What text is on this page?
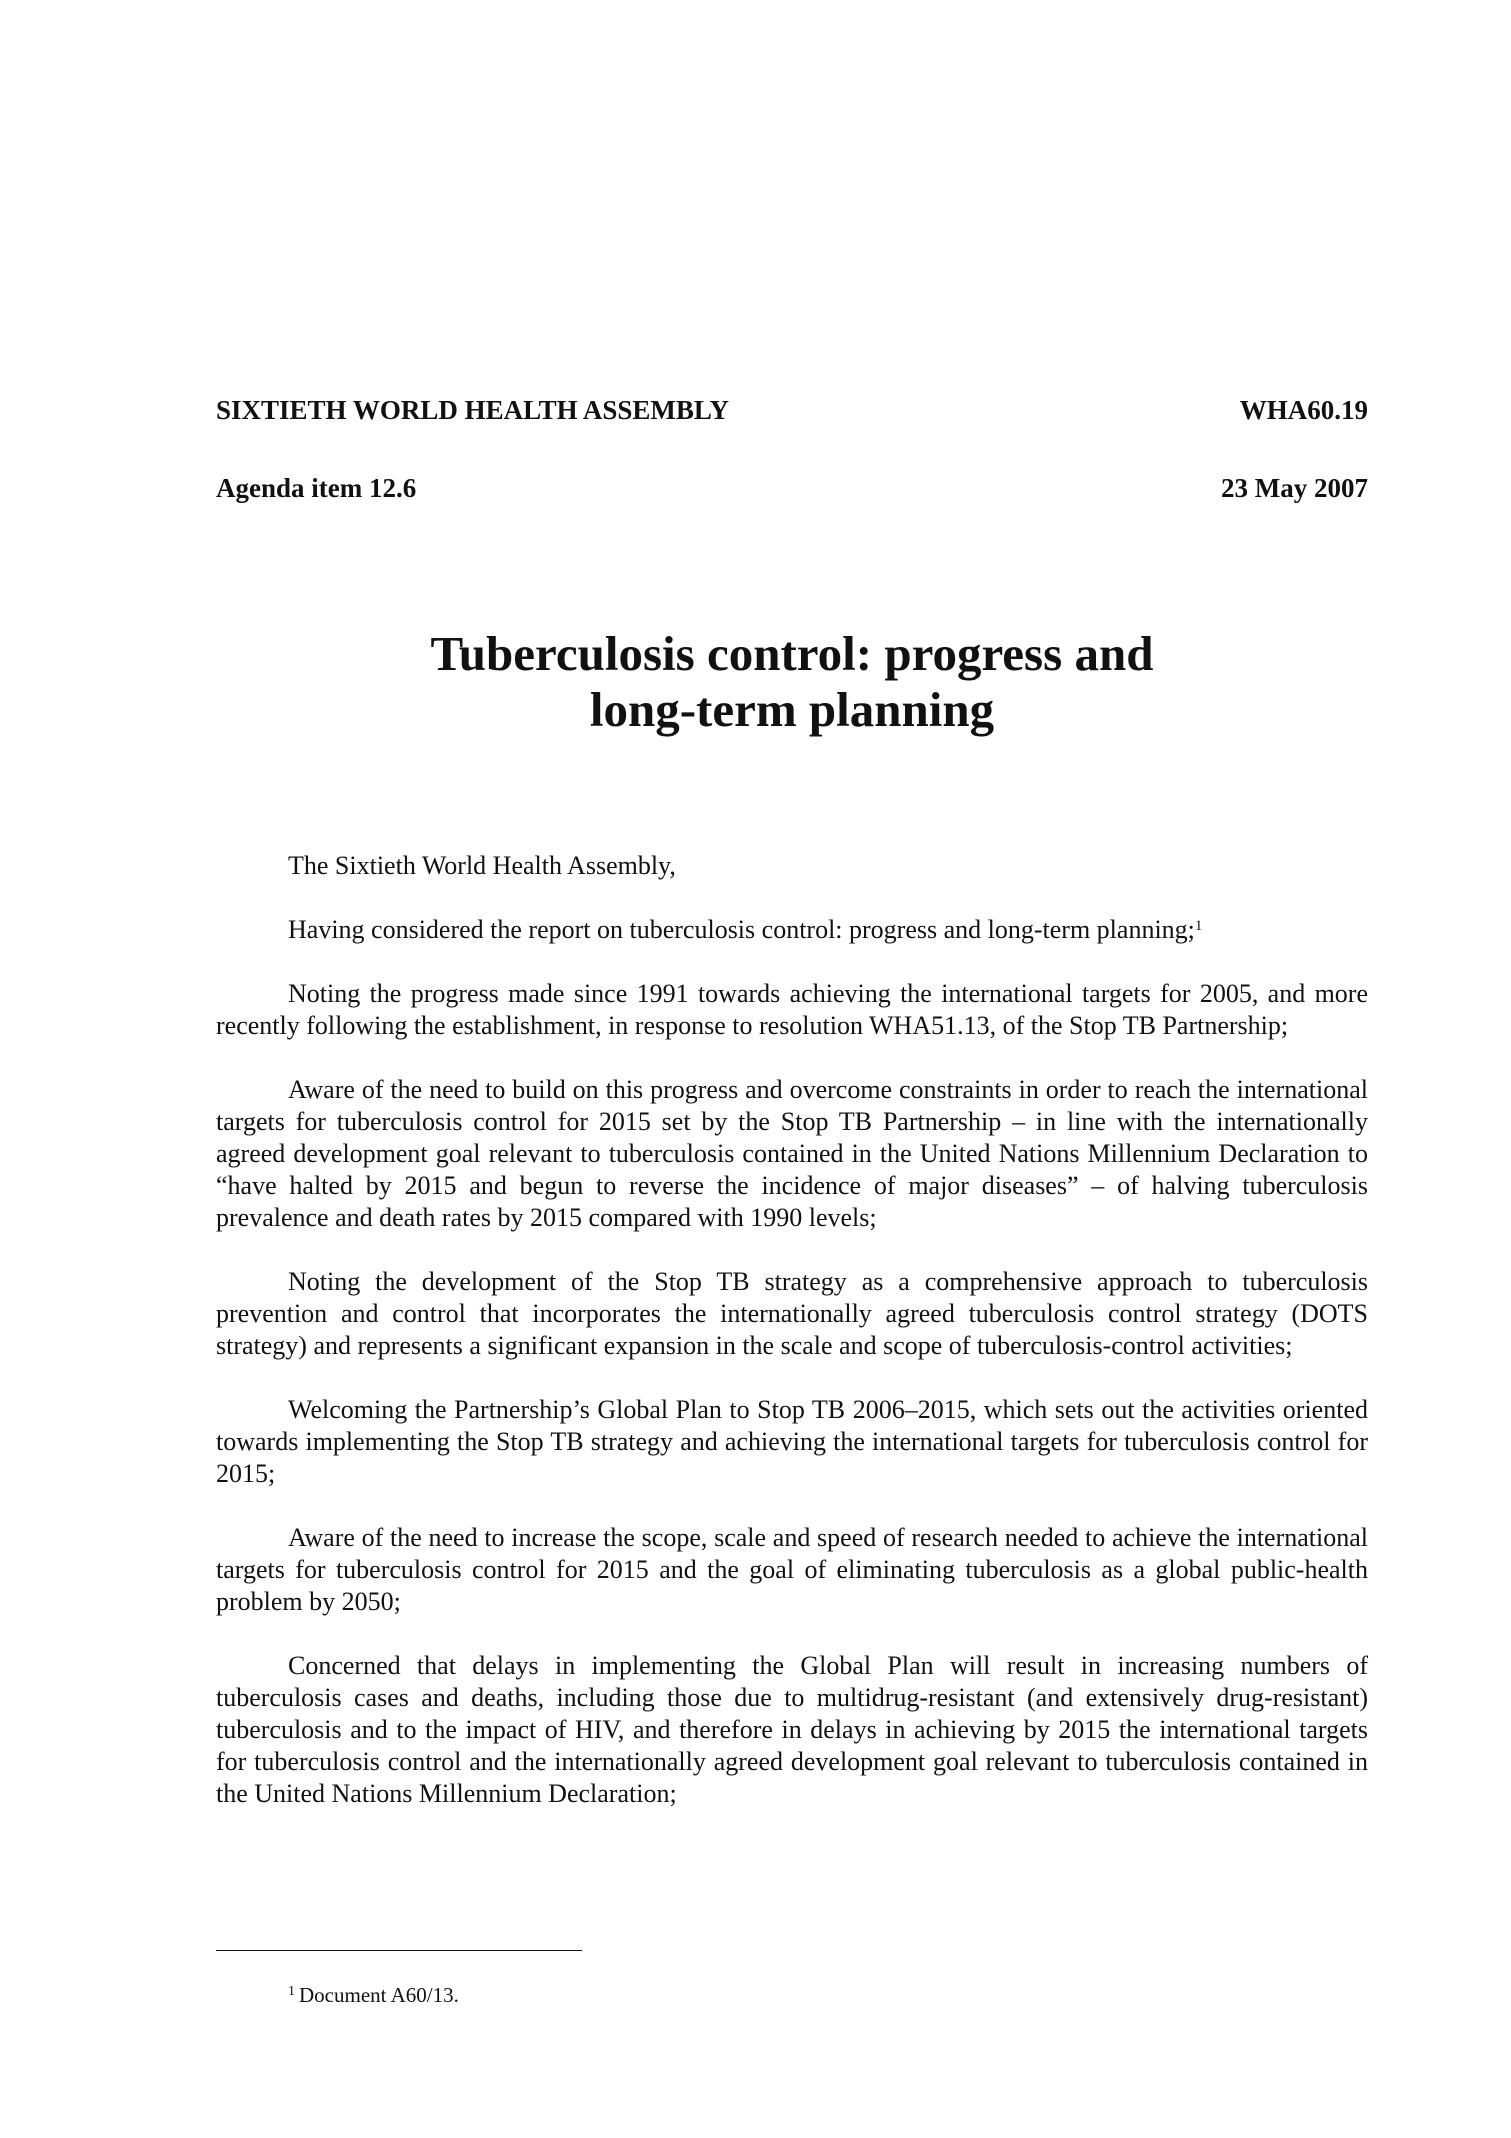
SIXTIETH WORLD HEALTH ASSEMBLY	WHA60.19
Agenda item 12.6	23 May 2007
Tuberculosis control: progress and
long-term planning

The Sixtieth World Health Assembly,

Having considered the report on tuberculosis control: progress and long-term planning;$^1$

Noting the progress made since 1991 towards achieving the international targets for 2005, and more recently following the establishment, in response to resolution WHA51.13, of the Stop TB Partnership;

Aware of the need to build on this progress and overcome constraints in order to reach the international targets for tuberculosis control for 2015 set by the Stop TB Partnership – in line with the internationally agreed development goal relevant to tuberculosis contained in the United Nations Millennium Declaration to “have halted by 2015 and begun to reverse the incidence of major diseases” – of halving tuberculosis prevalence and death rates by 2015 compared with 1990 levels;

Noting the development of the Stop TB strategy as a comprehensive approach to tuberculosis prevention and control that incorporates the internationally agreed tuberculosis control strategy (DOTS strategy) and represents a significant expansion in the scale and scope of tuberculosis-control activities;

Welcoming the Partnership’s Global Plan to Stop TB 2006–2015, which sets out the activities oriented towards implementing the Stop TB strategy and achieving the international targets for tuberculosis control for 2015;

Aware of the need to increase the scope, scale and speed of research needed to achieve the international targets for tuberculosis control for 2015 and the goal of eliminating tuberculosis as a global public-health problem by 2050;

Concerned that delays in implementing the Global Plan will result in increasing numbers of tuberculosis cases and deaths, including those due to multidrug-resistant (and extensively drug-resistant) tuberculosis and to the impact of HIV, and therefore in delays in achieving by 2015 the international targets for tuberculosis control and the internationally agreed development goal relevant to tuberculosis contained in the United Nations Millennium Declaration;

$^1$ Document A60/13.
